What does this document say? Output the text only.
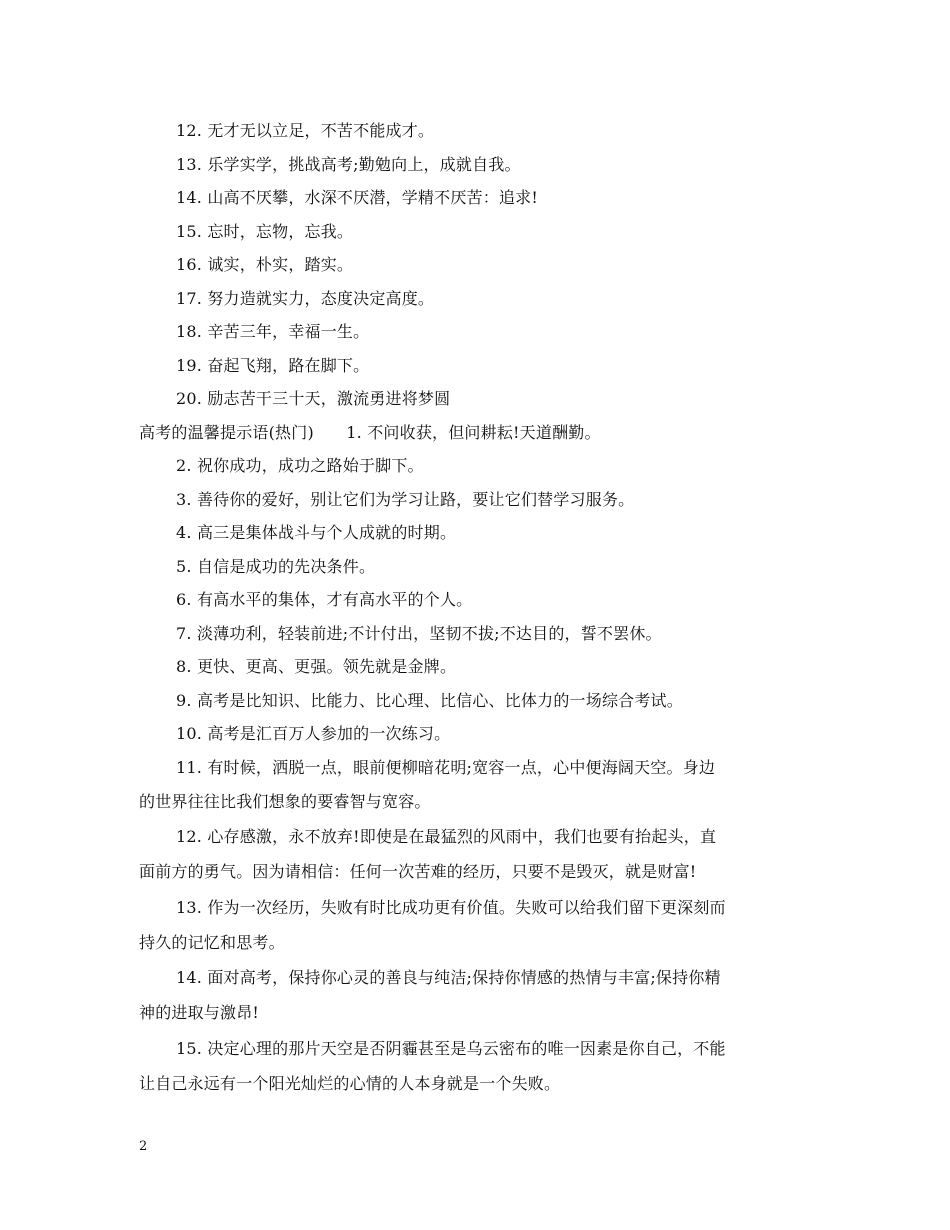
12. 无才无以立足，不苦不能成才。
13. 乐学实学，挑战高考;勤勉向上，成就自我。
14. 山高不厌攀，水深不厌潜，学精不厌苦：追求!
15. 忘时，忘物，忘我。
16. 诚实，朴实，踏实。
17. 努力造就实力，态度决定高度。
18. 辛苦三年，幸福一生。
19. 奋起飞翔，路在脚下。
20. 励志苦干三十天，激流勇进将梦圆
高考的温馨提示语(热门)　　1. 不问收获，但问耕耘!天道酬勤。
2. 祝你成功，成功之路始于脚下。
3. 善待你的爱好，别让它们为学习让路，要让它们替学习服务。
4. 高三是集体战斗与个人成就的时期。
5. 自信是成功的先决条件。
6. 有高水平的集体，才有高水平的个人。
7. 淡薄功利，轻装前进;不计付出，坚韧不拔;不达目的，誓不罢休。
8. 更快、更高、更强。领先就是金牌。
9. 高考是比知识、比能力、比心理、比信心、比体力的一场综合考试。
10. 高考是汇百万人参加的一次练习。
11. 有时候，洒脱一点，眼前便柳暗花明;宽容一点，心中便海阔天空。身边
的世界往往比我们想象的要睿智与宽容。
12. 心存感激，永不放弃!即使是在最猛烈的风雨中，我们也要有抬起头，直
面前方的勇气。因为请相信：任何一次苦难的经历，只要不是毁灭，就是财富!
13. 作为一次经历，失败有时比成功更有价值。失败可以给我们留下更深刻而
持久的记忆和思考。
14. 面对高考，保持你心灵的善良与纯洁;保持你情感的热情与丰富;保持你精
神的进取与激昂!
15. 决定心理的那片天空是否阴霾甚至是乌云密布的唯一因素是你自己，不能
让自己永远有一个阳光灿烂的心情的人本身就是一个失败。
2
